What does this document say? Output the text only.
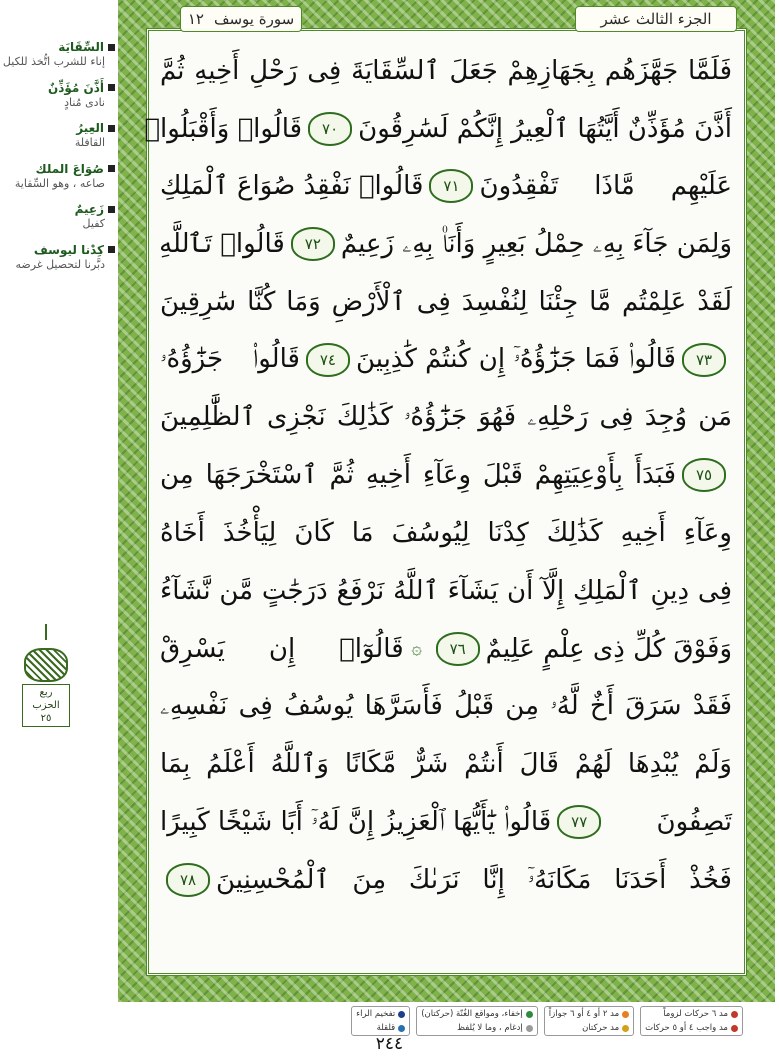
الجزء الثالث عشر
سورة يوسف
١٢
فَلَمَّا جَهَّزَهُم بِجَهَازِهِمْ جَعَلَ ٱلسِّقَايَةَ فِى رَحْلِ أَخِيهِ ثُمَّ
أَذَّنَ مُؤَذِّنٌ أَيَّتُهَا ٱلْعِيرُ إِنَّكُمْ لَسَٰرِقُونَ
٧٠
قَالُوا۟ وَأَقْبَلُوا۟
عَلَيْهِم مَّاذَا تَفْقِدُونَ
٧١
قَالُوا۟ نَفْقِدُ صُوَاعَ ٱلْمَلِكِ
وَلِمَن جَآءَ بِهِۦ حِمْلُ بَعِيرٍ وَأَنَا۠ بِهِۦ زَعِيمٌ
٧٢
قَالُوا۟ تَٱللَّهِ
لَقَدْ عَلِمْتُم مَّا جِئْنَا لِنُفْسِدَ فِى ٱلْأَرْضِ وَمَا كُنَّا سَٰرِقِينَ
٧٣
قَالُوا۟ فَمَا جَزَٰٓؤُهُۥٓ إِن كُنتُمْ كَٰذِبِينَ
٧٤
قَالُوا۟ جَزَٰٓؤُهُۥ
مَن وُجِدَ فِى رَحْلِهِۦ فَهُوَ جَزَٰٓؤُهُۥ كَذَٰلِكَ نَجْزِى ٱلظَّٰلِمِينَ
٧٥
فَبَدَأَ بِأَوْعِيَتِهِمْ قَبْلَ وِعَآءِ أَخِيهِ ثُمَّ ٱسْتَخْرَجَهَا مِن
وِعَآءِ أَخِيهِ كَذَٰلِكَ كِدْنَا لِيُوسُفَ مَا كَانَ لِيَأْخُذَ أَخَاهُ
فِى دِينِ ٱلْمَلِكِ إِلَّآ أَن يَشَآءَ ٱللَّهُ نَرْفَعُ دَرَجَٰتٍ مَّن نَّشَآءُ
وَفَوْقَ كُلِّ ذِى عِلْمٍ عَلِيمٌ
٧٦
۞
قَالُوٓا۟ إِن يَسْرِقْ
فَقَدْ سَرَقَ أَخٌ لَّهُۥ مِن قَبْلُ فَأَسَرَّهَا يُوسُفُ فِى نَفْسِهِۦ
وَلَمْ يُبْدِهَا لَهُمْ قَالَ أَنتُمْ شَرٌّ مَّكَانًا وَٱللَّهُ أَعْلَمُ بِمَا
تَصِفُونَ
٧٧
قَالُوا۟ يَٰٓأَيُّهَا ٱلْعَزِيزُ إِنَّ لَهُۥٓ أَبًا شَيْخًا كَبِيرًا
فَخُذْ أَحَدَنَا مَكَانَهُۥٓ إِنَّا نَرَىٰكَ مِنَ ٱلْمُحْسِنِينَ
٧٨
السِّقَايَة
إناء للشرب اتُّخذ للكيل
أَذَّنَ مُؤَذِّنٌ
نادى مُنادٍ
العِيرُ
القافلة
صُوَاعَ الملك
صاعه ، وهو السِّقاية
زَعِيمٌ
كفيل
كِدْنا ليوسف
دبَّرنا لتحصيل غرضه
ربع
الحزب
٢٥
مد ٦ حركات لزوماً
مد واجب ٤ أو ٥ حركات
مد ٢ أو ٤ أو ٦ جوازاً
مد حركتان
إخفاء، ومواقع الغُنّة (حركتان)
إدغام ، وما لا يُلفظ
تفخيم الراء
قلقلة
٢٤٤
